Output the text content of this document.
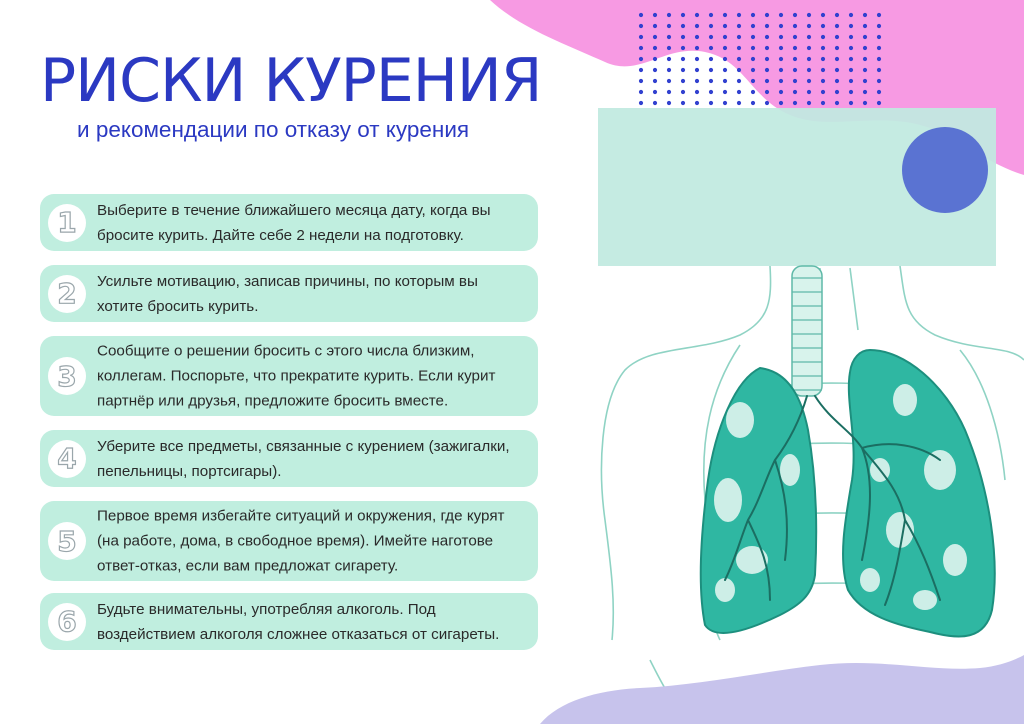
РИСКИ КУРЕНИЯ
и рекомендации по отказу от курения
1	Выберите в течение ближайшего месяца дату, когда вы бросите курить. Дайте себе 2 недели на подготовку.
2	Усильте мотивацию, записав причины, по которым вы хотите бросить курить.
3
Сообщите о решении бросить с этого числа близким, коллегам. Поспорьте, что прекратите курить. Если курит партнёр или друзья, предложите бросить вместе.
4	Уберите все предметы, связанные с курением (зажигалки, пепельницы, портсигары).
5
Первое время избегайте ситуаций и окружения, где курят (на работе, дома, в свободное время). Имейте наготове ответ-отказ, если вам предложат сигарету.
6	Будьте внимательны, употребляя алкоголь. Под воздействием алкоголя сложнее отказаться от сигареты.
